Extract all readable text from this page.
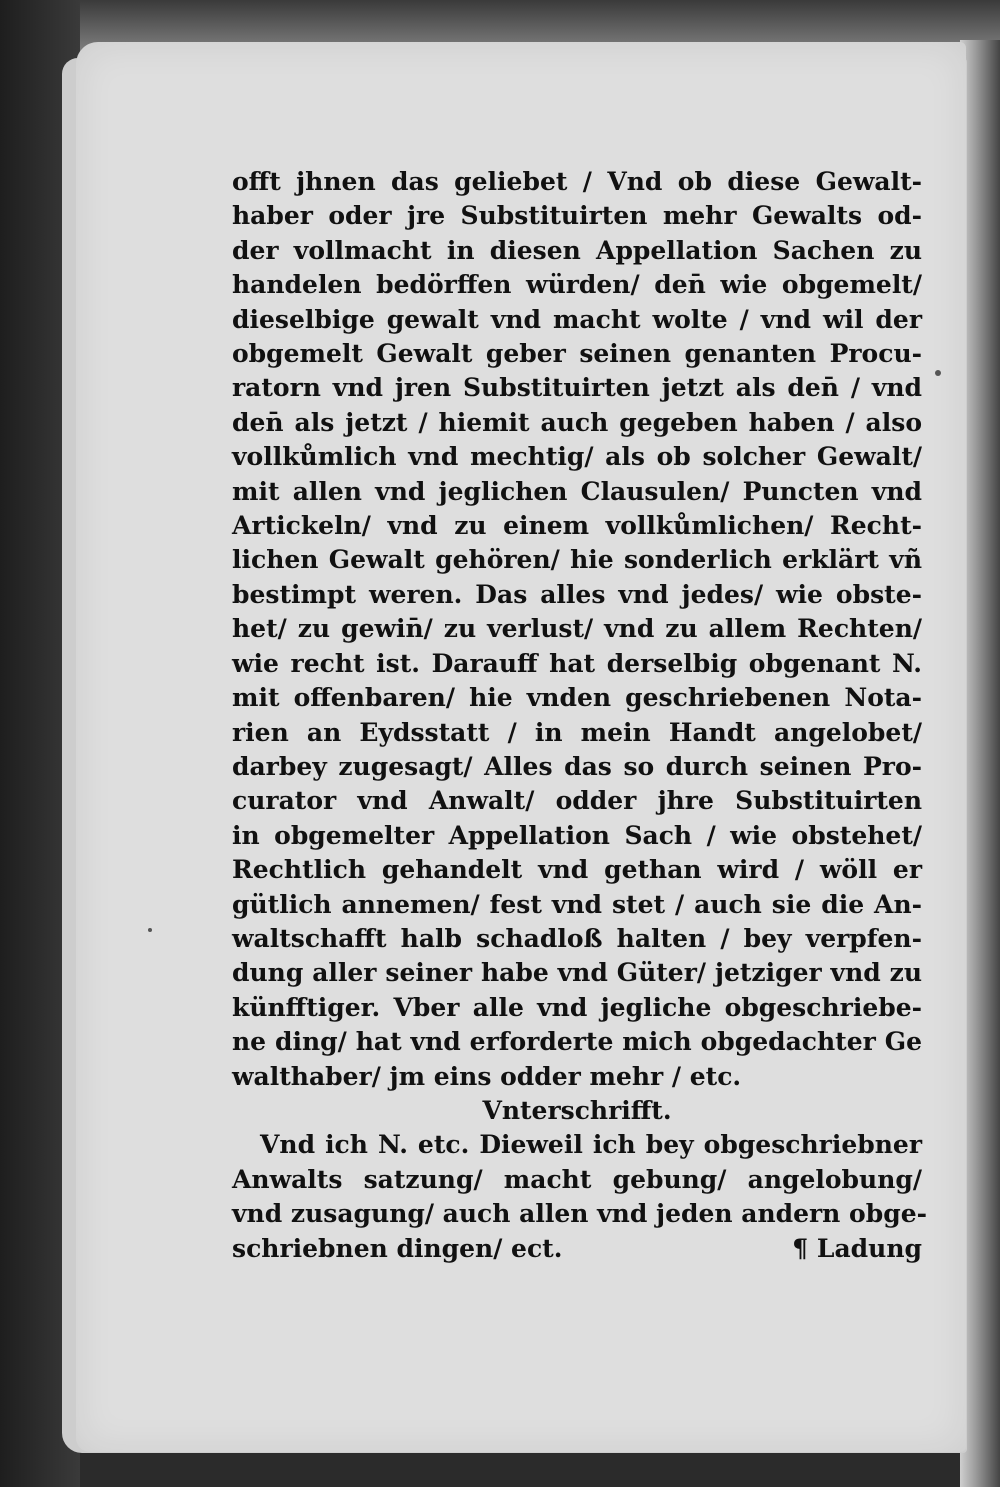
offt jhnen das geliebet / Vnd ob diese Gewalt-
haber oder jre Substituirten mehr Gewalts od-
der vollmacht in diesen Appellation Sachen zu
handelen bedörffen würden/ den̄ wie obgemelt/
dieselbige gewalt vnd macht wolte / vnd wil der
obgemelt Gewalt geber seinen genanten Procu-
ratorn vnd jren Substituirten jetzt als den̄ / vnd
den̄ als jetzt / hiemit auch gegeben haben / also
vollkůmlich vnd mechtig/ als ob solcher Gewalt/
mit allen vnd jeglichen Clausulen/ Puncten vnd
Artickeln/ vnd zu einem vollkůmlichen/ Recht-
lichen Gewalt gehören/ hie sonderlich erklärt vñ
bestimpt weren. Das alles vnd jedes/ wie obste-
het/ zu gewin̄/ zu verlust/ vnd zu allem Rechten/
wie recht ist. Darauff hat derselbig obgenant N.
mit offenbaren/ hie vnden geschriebenen Nota-
rien an Eydsstatt / in mein Handt angelobet/
darbey zugesagt/ Alles das so durch seinen Pro-
curator vnd Anwalt/ odder jhre Substituirten
in obgemelter Appellation Sach / wie obstehet/
Rechtlich gehandelt vnd gethan wird / wöll er
gütlich annemen/ fest vnd stet / auch sie die An-
waltschafft halb schadloß halten / bey verpfen-
dung aller seiner habe vnd Güter/ jetziger vnd zu
künfftiger. Vber alle vnd jegliche obgeschriebe-
ne ding/ hat vnd erforderte mich obgedachter Ge
walthaber/ jm eins odder mehr / etc.
Vnterschrifft.
Vnd ich N. etc. Dieweil ich bey obgeschriebner
Anwalts satzung/ macht gebung/ angelobung/
vnd zusagung/ auch allen vnd jeden andern obge-
schriebnen dingen/ ect.	¶ Ladung
